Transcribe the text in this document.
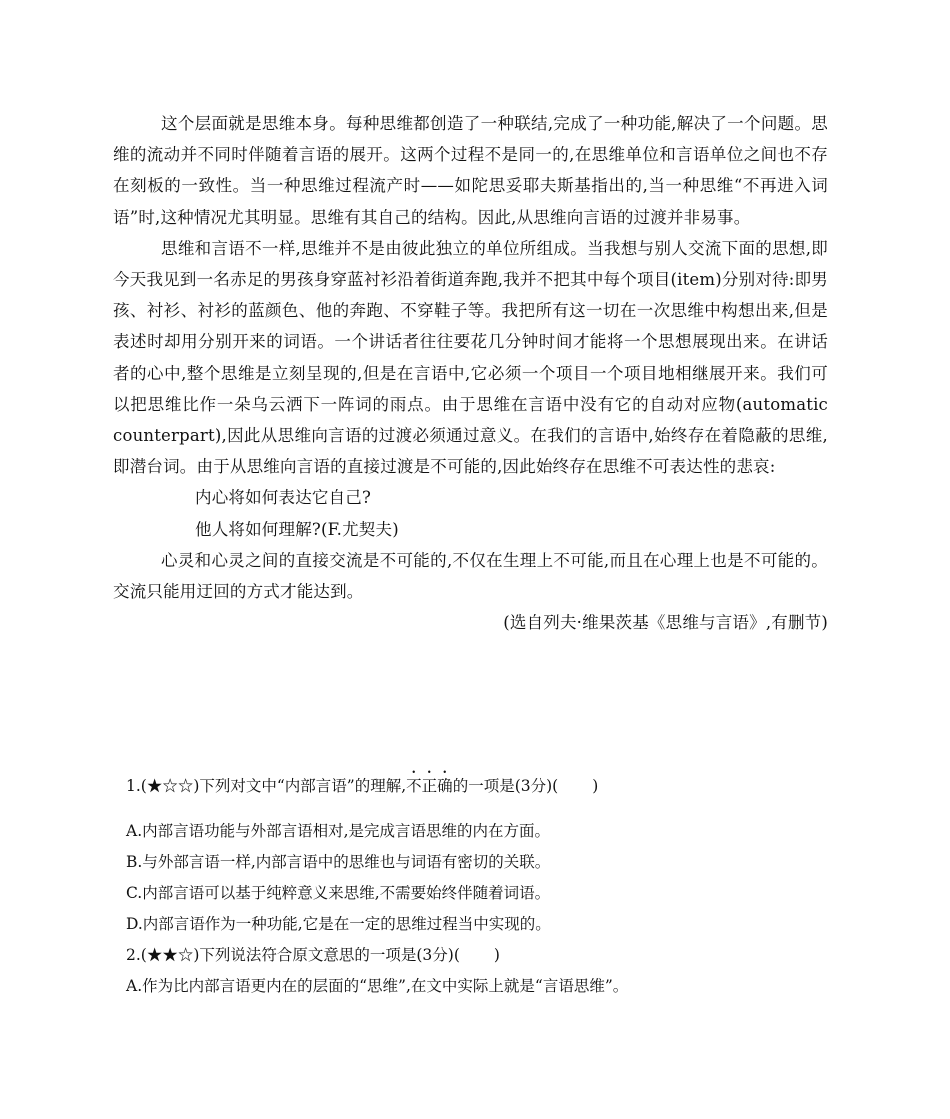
这个层面就是思维本身。每种思维都创造了一种联结,完成了一种功能,解决了一个问题。思维的流动并不同时伴随着言语的展开。这两个过程不是同一的,在思维单位和言语单位之间也不存在刻板的一致性。当一种思维过程流产时——如陀思妥耶夫斯基指出的,当一种思维“不再进入词语”时,这种情况尤其明显。思维有其自己的结构。因此,从思维向言语的过渡并非易事。

思维和言语不一样,思维并不是由彼此独立的单位所组成。当我想与别人交流下面的思想,即今天我见到一名赤足的男孩身穿蓝衬衫沿着街道奔跑,我并不把其中每个项目(item)分别对待:即男孩、衬衫、衬衫的蓝颜色、他的奔跑、不穿鞋子等。我把所有这一切在一次思维中构想出来,但是表述时却用分别开来的词语。一个讲话者往往要花几分钟时间才能将一个思想展现出来。在讲话者的心中,整个思维是立刻呈现的,但是在言语中,它必须一个项目一个项目地相继展开来。我们可以把思维比作一朵乌云洒下一阵词的雨点。由于思维在言语中没有它的自动对应物(automatic counterpart),因此从思维向言语的过渡必须通过意义。在我们的言语中,始终存在着隐蔽的思维,即潜台词。由于从思维向言语的直接过渡是不可能的,因此始终存在思维不可表达性的悲哀:

内心将如何表达它自己?

他人将如何理解?(F.尤契夫)

心灵和心灵之间的直接交流是不可能的,不仅在生理上不可能,而且在心理上也是不可能的。交流只能用迂回的方式才能达到。

(选自列夫·维果茨基《思维与言语》,有删节)

1.(★☆☆)下列对文中“内部言语”的理解,不正确的一项是(3分)( )

A.内部言语功能与外部言语相对,是完成言语思维的内在方面。

B.与外部言语一样,内部言语中的思维也与词语有密切的关联。

C.内部言语可以基于纯粹意义来思维,不需要始终伴随着词语。

D.内部言语作为一种功能,它是在一定的思维过程当中实现的。

2.(★★☆)下列说法符合原文意思的一项是(3分)( )

A.作为比内部言语更内在的层面的“思维”,在文中实际上就是“言语思维”。
